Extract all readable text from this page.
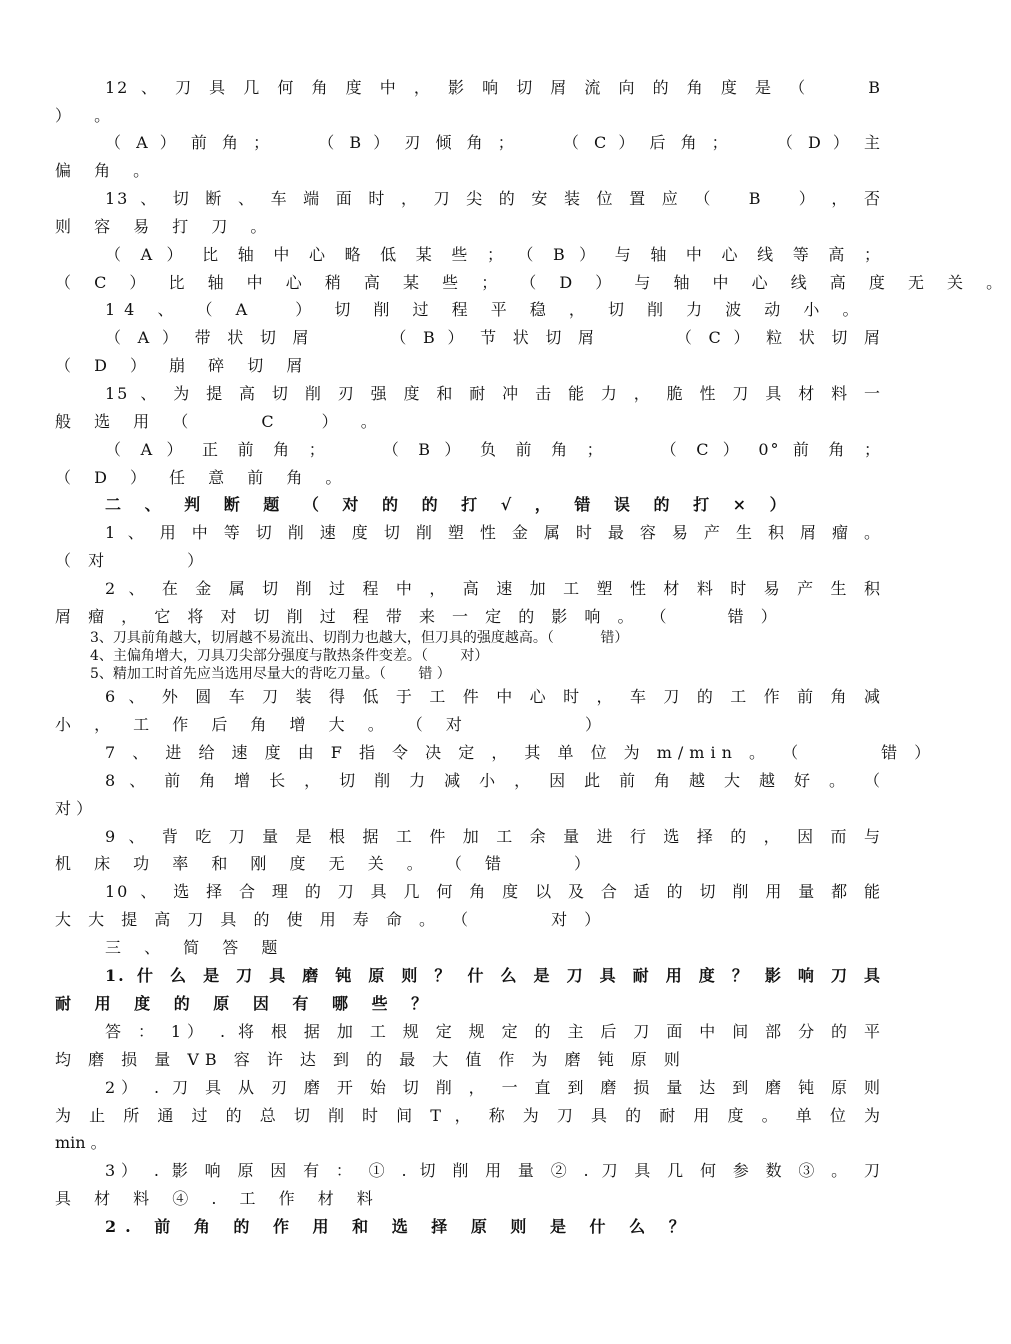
12 、 刀 具 几 何 角 度 中 ， 影 响 切 屑 流 向 的 角 度 是 （ 　　B
） 。
（ A ） 前 角 ；　　 （ B ） 刃 倾 角 ；　　 （ C ） 后 角 ；　　 （ D ） 主
偏 角 。
13 、 切 断 、 车 端 面 时 ， 刀 尖 的 安 装 位 置 应 （　 B　 ） ， 否
则 容 易 打 刀 。
（ A ） 比 轴 中 心 略 低 某 些 ； （ B ） 与 轴 中 心 线 等 高 ；
（ C ） 比 轴 中 心 稍 高 某 些 ； （ D ） 与 轴 中 心 线 高 度 无 关 。
14 、 （ A　 ） 切 削 过 程 平 稳 ， 切 削 力 波 动 小 。
（ A ） 带 状 切 屑　　　 （ B ） 节 状 切 屑　　　 （ C ） 粒 状 切 屑
（ D ） 崩 碎 切 屑
15 、 为 提 高 切 削 刃 强 度 和 耐 冲 击 能 力 ， 脆 性 刀 具 材 料 一
般 选 用 （　　 C　 ） 。
（ A ） 正 前 角 ；　　 （ B ） 负 前 角 ；　　 （ C ） 0° 前 角 ；
（ D ） 任 意 前 角 。
二 、 判 断 题 （ 对 的 的 打 √ ， 错 误 的 打 × ）
1 、 用 中 等 切 削 速 度 切 削 塑 性 金 属 时 最 容 易 产 生 积 屑 瘤 。
（ 对　　　 ）
2 、 在 金 属 切 削 过 程 中 ， 高 速 加 工 塑 性 材 料 时 易 产 生 积
屑 瘤 ， 它 将 对 切 削 过 程 带 来 一 定 的 影 响 。 （　　 错 ）
3、刀具前角越大，切屑越不易流出、切削力也越大，但刀具的强度越高。（　　　 错）
4、主偏角增大，刀具刀尖部分强度与散热条件变差。（　　 对）
5、精加工时首先应当选用尽量大的背吃刀量。（　　 错 ）
6 、 外 圆 车 刀 装 得 低 于 工 件 中 心 时 ， 车 刀 的 工 作 前 角 减
小 ， 工 作 后 角 增 大 。 （ 对　　　　 ）
7 、 进 给 速 度 由 F 指 令 决 定 ， 其 单 位 为 m/min 。 （　　　 错 ）
8 、 前 角 增 长 ， 切 削 力 减 小 ， 因 此 前 角 越 大 越 好 。 （
对 ）
9 、 背 吃 刀 量 是 根 据 工 件 加 工 余 量 进 行 选 择 的 ， 因 而 与
机 床 功 率 和 刚 度 无 关 。 （ 错　　 ）
10 、 选 择 合 理 的 刀 具 几 何 角 度 以 及 合 适 的 切 削 用 量 都 能
大 大 提 高 刀 具 的 使 用 寿 命 。 （　　　 对 ）
三 、 简 答 题
1. 什 么 是 刀 具 磨 钝 原 则 ？ 什 么 是 刀 具 耐 用 度 ？ 影 响 刀 具
耐 用 度 的 原 因 有 哪 些 ？
答 ： 1） . 将 根 据 加 工 规 定 规 定 的 主 后 刀 面 中 间 部 分 的 平
均 磨 损 量 VB 容 许 达 到 的 最 大 值 作 为 磨 钝 原 则
2） . 刀 具 从 刃 磨 开 始 切 削 ， 一 直 到 磨 损 量 达 到 磨 钝 原 则
为 止 所 通 过 的 总 切 削 时 间 T ， 称 为 刀 具 的 耐 用 度 。 单 位 为
min 。
3） . 影 响 原 因 有 ： ① . 切 削 用 量 ② . 刀 具 几 何 参 数 ③ 。 刀
具 材 料 ④ . 工 作 材 料
2. 前 角 的 作 用 和 选 择 原 则 是 什 么 ？
